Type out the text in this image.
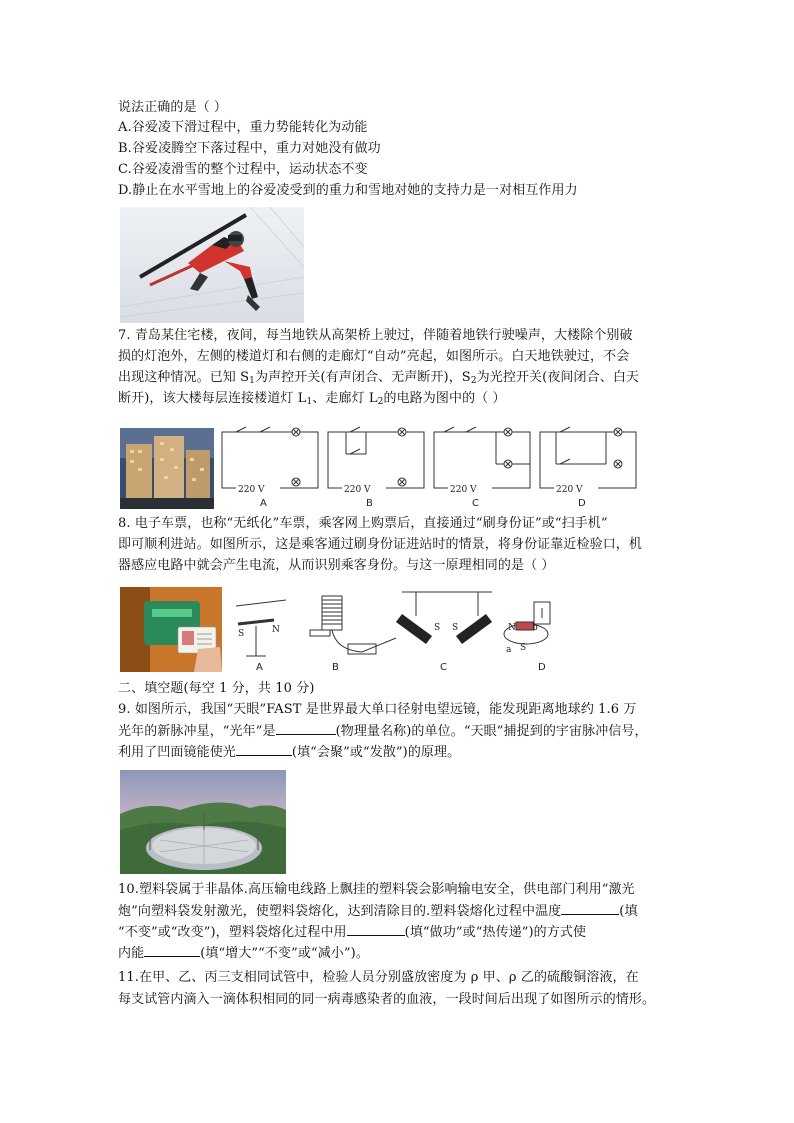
说法正确的是（ ）
A.谷爱凌下滑过程中，重力势能转化为动能
B.谷爱凌腾空下落过程中，重力对她没有做功
C.谷爱凌滑雪的整个过程中，运动状态不变
D.静止在水平雪地上的谷爱凌受到的重力和雪地对她的支持力是一对相互作用力
7. 青岛某住宅楼，夜间，每当地铁从高架桥上驶过，伴随着地铁行驶噪声，大楼除个别破
损的灯泡外，左侧的楼道灯和右侧的走廊灯“自动”亮起，如图所示。白天地铁驶过，不会
出现这种情况。已知 $S_1$为声控开关(有声闭合、无声断开)，$S_2$为光控开关(夜间闭合、白天
断开)，该大楼每层连接楼道灯 $L_1$、走廊灯 $L_2$的电路为图中的（ ）
220 V	220 V	220 V	220 V
A	B	C	D
8. 电子车票，也称“无纸化”车票，乘客网上购票后，直接通过“刷身份证”或“扫手机”
即可顺利进站。如图所示，这是乘客通过刷身份证进站时的情景，将身份证靠近检验口，机
器感应电路中就会产生电流，从而识别乘客身份。与这一原理相同的是（ ）
S	N	S S
S
N
a
b
A	B	C	D
二、填空题(每空 1 分，共 10 分)
9. 如图所示，我国“天眼”FAST 是世界最大单口径射电望远镜，能发现距离地球约 1.6 万
光年的新脉冲星，“光年”是	(物理量名称)的单位。“天眼”捕捉到的宇宙脉冲信号，
利用了凹面镜能使光	(填“会聚”或“发散”)的原理。
10.塑料袋属于非晶体.高压输电线路上飘挂的塑料袋会影响输电安全，供电部门利用“激光
炮”向塑料袋发射激光，使塑料袋熔化，达到清除目的.塑料袋熔化过程中温度	(填
“不变”或“改变”)，塑料袋熔化过程中用	(填“做功”或“热传递”)的方式使
内能	(填“增大”“不变”或“减小”)。
11.在甲、乙、丙三支相同试管中，检验人员分别盛放密度为 ρ 甲、ρ 乙的硫酸铜溶液，在
每支试管内滴入一滴体积相同的同一病毒感染者的血液，一段时间后出现了如图所示的情形。
